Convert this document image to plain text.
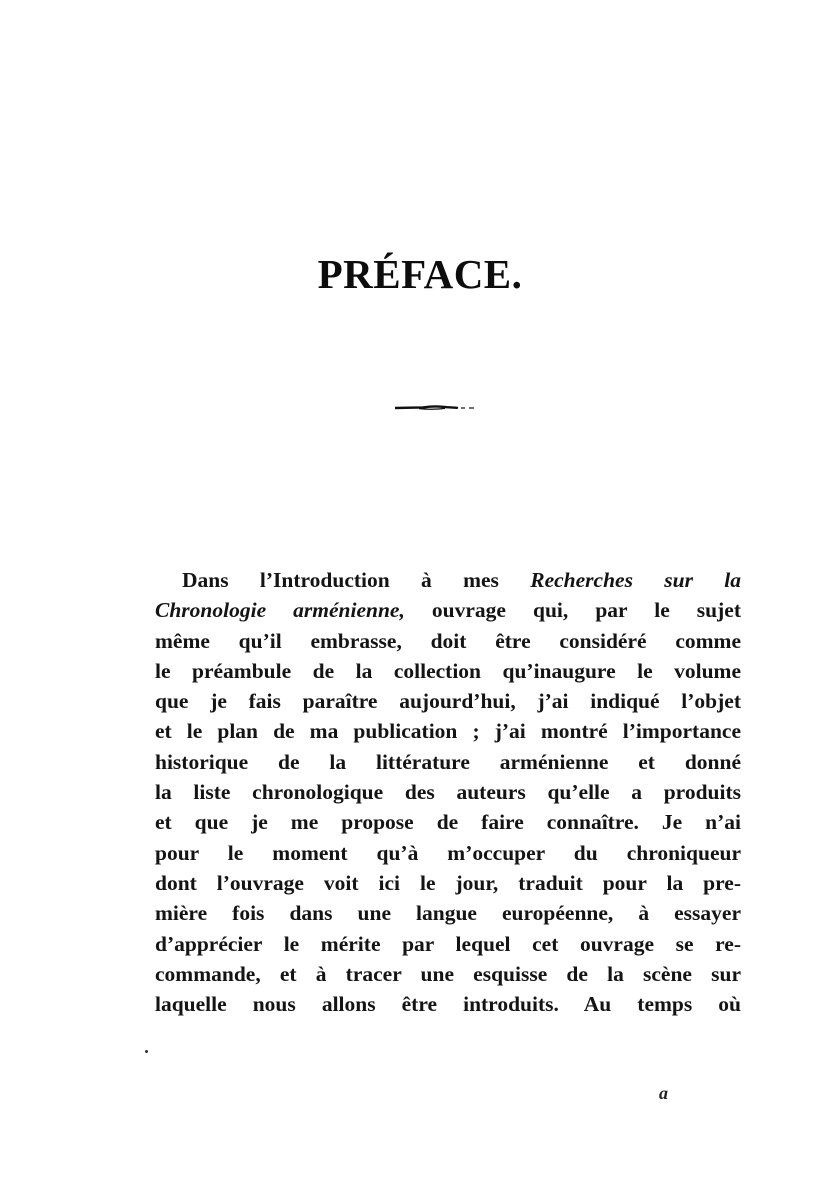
PRÉFACE.
Dans l’Introduction à mes Recherches sur la
Chronologie arménienne, ouvrage qui, par le sujet
même qu’il embrasse, doit être considéré comme
le préambule de la collection qu’inaugure le volume
que je fais paraître aujourd’hui, j’ai indiqué l’objet
et le plan de ma publication ; j’ai montré l’importance
historique de la littérature arménienne et donné
la liste chronologique des auteurs qu’elle a produits
et que je me propose de faire connaître. Je n’ai
pour le moment qu’à m’occuper du chroniqueur
dont l’ouvrage voit ici le jour, traduit pour la pre-
mière fois dans une langue européenne, à essayer
d’apprécier le mérite par lequel cet ouvrage se re-
commande, et à tracer une esquisse de la scène sur
laquelle nous allons être introduits. Au temps où
a
